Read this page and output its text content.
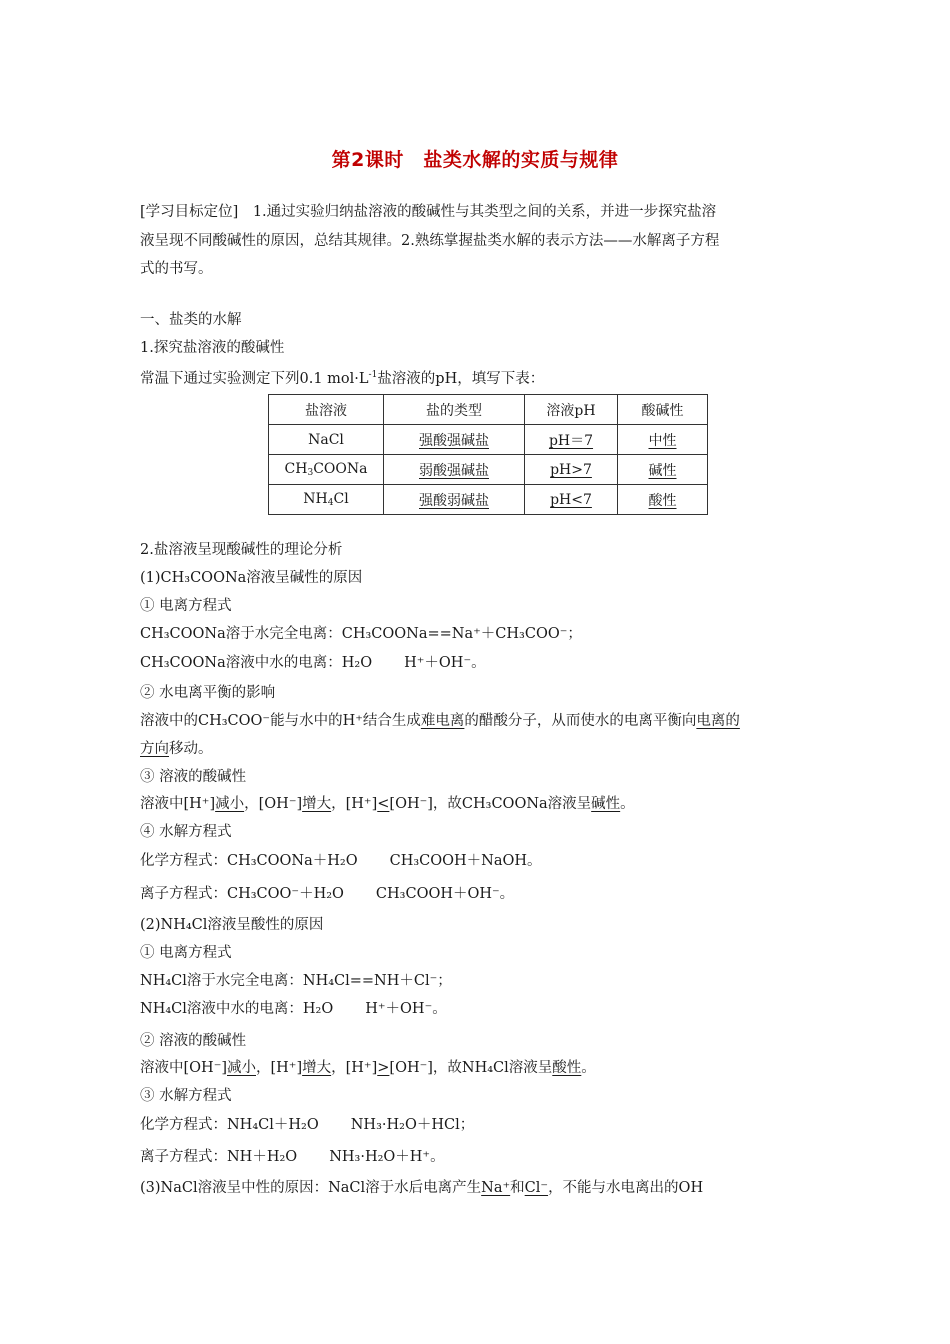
第2课时　盐类水解的实质与规律
[学习目标定位]　1.通过实验归纳盐溶液的酸碱性与其类型之间的关系，并进一步探究盐溶
液呈现不同酸碱性的原因，总结其规律。2.熟练掌握盐类水解的表示方法——水解离子方程
式的书写。
一、盐类的水解
1.探究盐溶液的酸碱性
常温下通过实验测定下列0.1 $mol\cdot L^{-1}$盐溶液的pH，填写下表：
盐溶液	盐的类型	溶液pH	酸碱性
NaCl	强酸强碱盐	pH＝7	中性
$CH_3COONa$	弱酸强碱盐	pH>7	碱性
$NH_4Cl$	强酸弱碱盐	pH<7	酸性
2.盐溶液呈现酸碱性的理论分析
(1)CH₃COONa溶液呈碱性的原因
① 电离方程式
CH₃COONa溶于水完全电离：CH₃COONa==Na⁺＋CH₃COO⁻；
CH₃COONa溶液中水的电离：H₂O H⁺＋OH⁻。
② 水电离平衡的影响
溶液中的CH₃COO⁻能与水中的H⁺结合生成难电离的醋酸分子，从而使水的电离平衡向电离的
方向移动。
③ 溶液的酸碱性
溶液中[H⁺]减小，[OH⁻]增大，[H⁺]<[OH⁻]，故CH₃COONa溶液呈碱性。
④ 水解方程式
化学方程式：CH₃COONa＋H₂O CH₃COOH＋NaOH。
离子方程式：CH₃COO⁻＋H₂O CH₃COOH＋OH⁻。
(2)NH₄Cl溶液呈酸性的原因
① 电离方程式
NH₄Cl溶于水完全电离：NH₄Cl==NH＋Cl⁻；
NH₄Cl溶液中水的电离：H₂O H⁺＋OH⁻。
② 溶液的酸碱性
溶液中[OH⁻]减小，[H⁺]增大，[H⁺]>[OH⁻]，故NH₄Cl溶液呈酸性。
③ 水解方程式
化学方程式：NH₄Cl＋H₂O NH₃·H₂O＋HCl；
离子方程式：NH＋H₂O NH₃·H₂O＋H⁺。
(3)NaCl溶液呈中性的原因：NaCl溶于水后电离产生Na⁺和Cl⁻，不能与水电离出的OH
